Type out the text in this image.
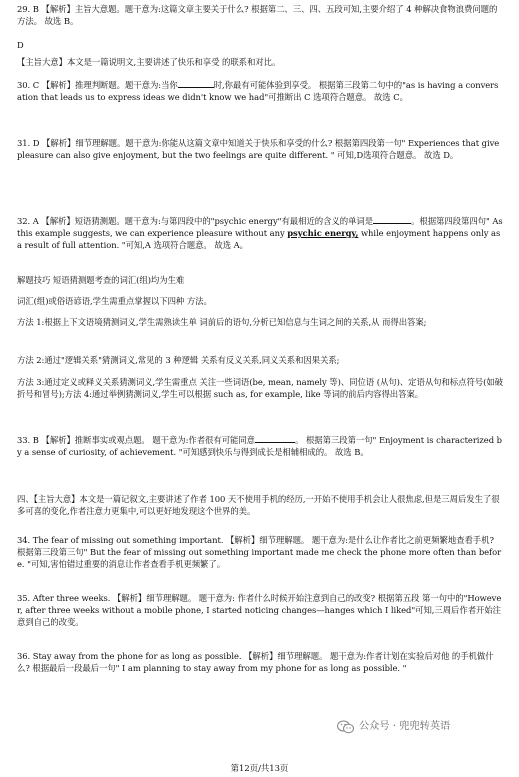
29. B 【解析】主旨大意题。题干意为:这篇文章主要关于什么? 根据第二、三、四、五段可知,主要介绍了 4 种解决食物浪费问题的方法。 故选 B。

D

【主旨大意】本文是一篇说明文,主要讲述了快乐和享受 的联系和对比。

30. C 【解析】推理判断题。题干意为:当你	时,你最有可能体验到享受。 根据第三段第二句中的"as is having a conversation that leads us to express ideas we didn't know we had"可推断出 C 选项符合题意。 故选 C。

31. D 【解析】细节理解题。题干意为:你能从这篇文章中知道关于快乐和享受的什么? 根据第四段第一句" Experiences that give pleasure can also give enjoyment, but the two feelings are quite different. " 可知,D选项符合题意。 故选 D。

32. A 【解析】短语猜测题。题干意为:与第四段中的"psychic energy"有最相近的含义的单词是	。根据第四段第四句" As this example suggests, we can experience pleasure without any psychic energy, while enjoyment happens only as a result of full attention. "可知,A 选项符合题意。 故选 A。

解题技巧 短语猜测题考查的词汇(组)均为生难

词汇(组)或俗语谚语,学生需重点掌握以下四种 方法。

方法 1:根据上下文语境猜测词义,学生需熟读生单 词前后的语句,分析已知信息与生词之间的关系,从 而得出答案;

方法 2:通过"逻辑关系"猜测词义,常见的 3 种逻辑 关系有反义关系,同义关系和因果关系;

方法 3:通过定义或释义关系猜测词义,学生需重点 关注一些词语(be, mean, namely 等)、同位语 (从句)、定语从句和标点符号(如破折号和冒号);方法 4:通过举例猜测词义,学生可以根据 such as, for example, like 等词的前后内容得出答案。

33. B 【解析】推断事实或观点题。 题干意为:作者很有可能同意	。 根据第三段第一句" Enjoyment is characterized by a sense of curiosity, of achievement. "可知感到快乐与得到成长是相辅相成的。 故选 B。

四、【主旨大意】本文是一篇记叙文,主要讲述了作者 100 天不使用手机的经历,一开始不使用手机会让人很焦虑,但是三周后发生了很多可喜的变化,作者注意力更集中,可以更好地发现这个世界的美。

34. The fear of missing out something important. 【解析】细节理解题。 题干意为:是什么让作者比之前更频繁地查看手机? 根据第三段第三句" But the fear of missing out something important made me check the phone more often than before. "可知,害怕错过重要的消息让作者查看手机更频繁了。

35. After three weeks. 【解析】细节理解题。 题干意为: 作者什么时候开始注意到自己的改变? 根据第五段 第一句中的"However, after three weeks without a mobile phone, I started noticing changes—hanges which I liked"可知,三周后作者开始注意到自己的改变。

36. Stay away from the phone for as long as possible. 【解析】细节理解题。 题干意为:作者计划在实验后对他 的手机做什么? 根据最后一段最后一句" I am planning to stay away from my phone for as long as possible. "

公众号 · 兜兜转英语
第12页/共13页
